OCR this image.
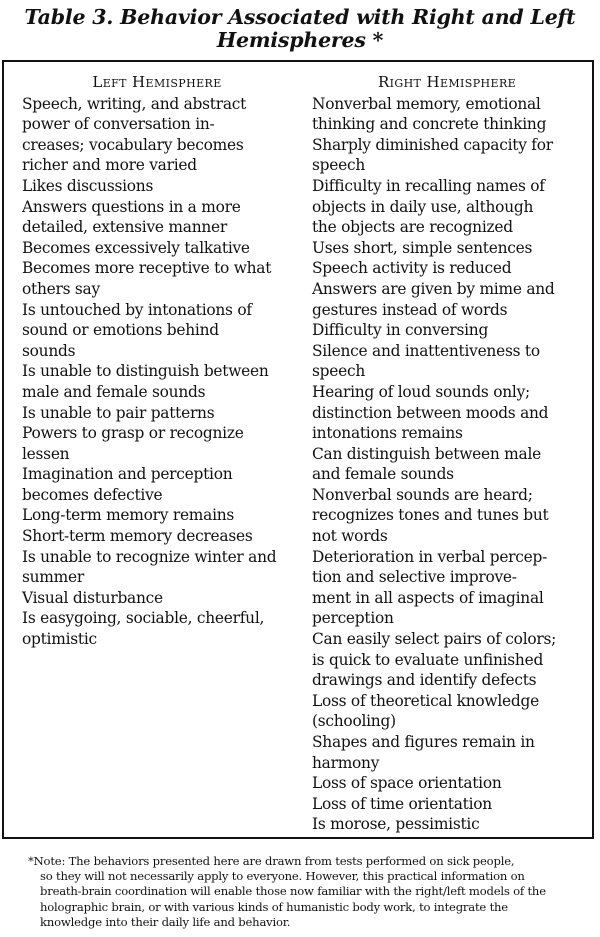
Table 3. Behavior Associated with Right and Left
Hemispheres *
Left Hemisphere
Speech, writing, and abstract
power of conversation in-
creases; vocabulary becomes
richer and more varied
Likes discussions
Answers questions in a more
detailed, extensive manner
Becomes excessively talkative
Becomes more receptive to what
others say
Is untouched by intonations of
sound or emotions behind
sounds
Is unable to distinguish between
male and female sounds
Is unable to pair patterns
Powers to grasp or recognize
lessen
Imagination and perception
becomes defective
Long-term memory remains
Short-term memory decreases
Is unable to recognize winter and
summer
Visual disturbance
Is easygoing, sociable, cheerful,
optimistic
Right Hemisphere
Nonverbal memory, emotional
thinking and concrete thinking
Sharply diminished capacity for
speech
Difficulty in recalling names of
objects in daily use, although
the objects are recognized
Uses short, simple sentences
Speech activity is reduced
Answers are given by mime and
gestures instead of words
Difficulty in conversing
Silence and inattentiveness to
speech
Hearing of loud sounds only;
distinction between moods and
intonations remains
Can distinguish between male
and female sounds
Nonverbal sounds are heard;
recognizes tones and tunes but
not words
Deterioration in verbal percep-
tion and selective improve-
ment in all aspects of imaginal
perception
Can easily select pairs of colors;
is quick to evaluate unfinished
drawings and identify defects
Loss of theoretical knowledge
(schooling)
Shapes and figures remain in
harmony
Loss of space orientation
Loss of time orientation
Is morose, pessimistic
*Note: The behaviors presented here are drawn from tests performed on sick people,
so they will not necessarily apply to everyone. However, this practical information on
breath-brain coordination will enable those now familiar with the right/left models of the
holographic brain, or with various kinds of humanistic body work, to integrate the
knowledge into their daily life and behavior.
